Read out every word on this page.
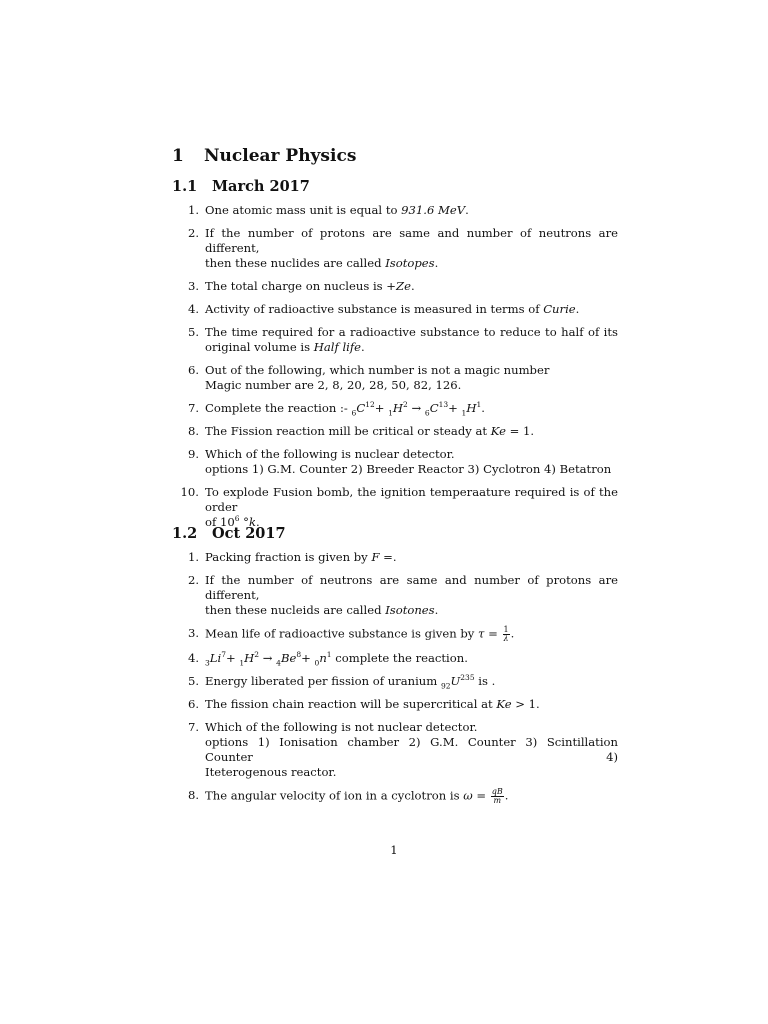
1 Nuclear Physics
1.1 March 2017
1. One atomic mass unit is equal to 931.6 MeV.
2. If the number of protons are same and number of neutrons are different,
then these nuclides are called Isotopes.
3. The total charge on nucleus is +Ze.
4. Activity of radioactive substance is measured in terms of Curie.
5. The time required for a radioactive substance to reduce to half of its
original volume is Half life.
6. Out of the following, which number is not a magic number
Magic number are 2, 8, 20, 28, 50, 82, 126.
7. Complete the reaction :- $_6C^{12}+ _1H^2 \to _6C^{13}+ _1H^1$.
8. The Fission reaction mill be critical or steady at Ke = 1.
9. Which of the following is nuclear detector.
options 1) G.M. Counter 2) Breeder Reactor 3) Cyclotron 4) Betatron
10. To explode Fusion bomb, the ignition temperaature required is of the order
of $10^6$ °k.
1.2 Oct 2017
1. Packing fraction is given by F =.
2. If the number of neutrons are same and number of protons are different,
then these nucleids are called Isotones.
3. Mean life of radioactive substance is given by $\tau = \frac{1}{\lambda}$ .
4. $_3Li^7+ _1H^2 \to _4Be^8+ _0n^1$ complete the reaction.
5. Energy liberated per fission of uranium $_{92}U^{235}$ is .
6. The fission chain reaction will be supercritical at Ke > 1.
7. Which of the following is not nuclear detector.
options 1) Ionisation chamber 2) G.M. Counter 3) Scintillation Counter 4)
Iteterogenous reactor.
8. The angular velocity of ion in a cyclotron is $\omega = \frac{qB}{m}$ .
1
